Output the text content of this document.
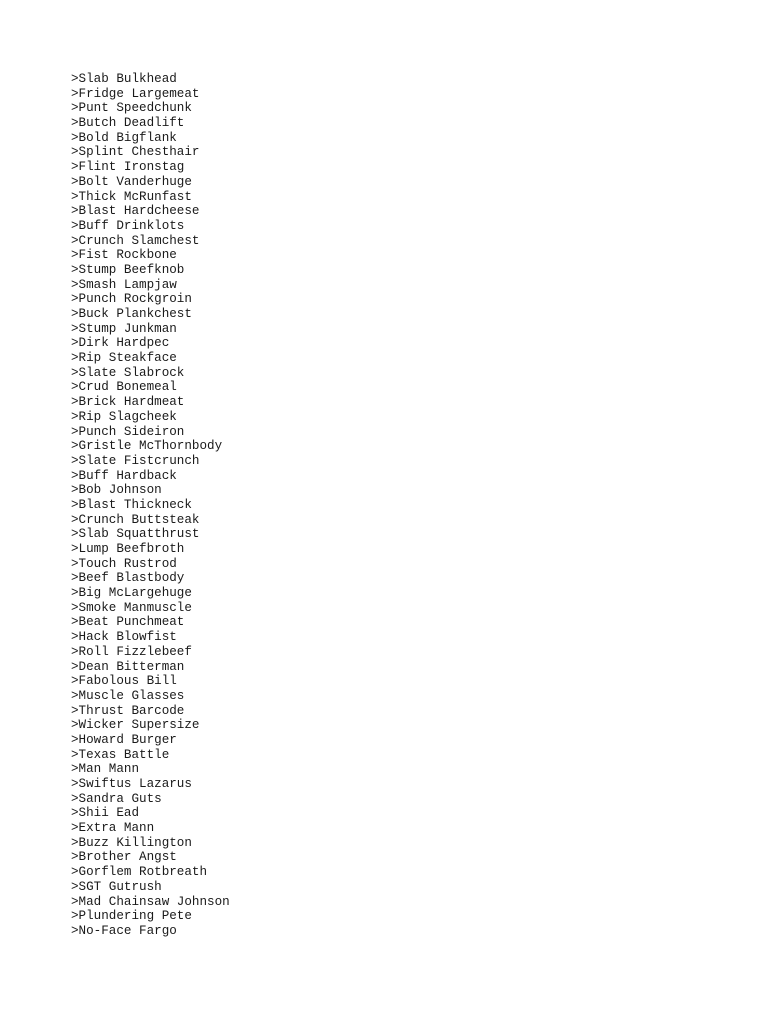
>Slab Bulkhead
>Fridge Largemeat
>Punt Speedchunk
>Butch Deadlift
>Bold Bigflank
>Splint Chesthair
>Flint Ironstag
>Bolt Vanderhuge
>Thick McRunfast
>Blast Hardcheese
>Buff Drinklots
>Crunch Slamchest
>Fist Rockbone
>Stump Beefknob
>Smash Lampjaw
>Punch Rockgroin
>Buck Plankchest
>Stump Junkman
>Dirk Hardpec
>Rip Steakface
>Slate Slabrock
>Crud Bonemeal
>Brick Hardmeat
>Rip Slagcheek
>Punch Sideiron
>Gristle McThornbody
>Slate Fistcrunch
>Buff Hardback
>Bob Johnson
>Blast Thickneck
>Crunch Buttsteak
>Slab Squatthrust
>Lump Beefbroth
>Touch Rustrod
>Beef Blastbody
>Big McLargehuge
>Smoke Manmuscle
>Beat Punchmeat
>Hack Blowfist
>Roll Fizzlebeef
>Dean Bitterman
>Fabolous Bill
>Muscle Glasses
>Thrust Barcode
>Wicker Supersize
>Howard Burger
>Texas Battle
>Man Mann
>Swiftus Lazarus
>Sandra Guts
>Shii Ead
>Extra Mann
>Buzz Killington
>Brother Angst
>Gorflem Rotbreath
>SGT Gutrush
>Mad Chainsaw Johnson
>Plundering Pete
>No-Face Fargo
